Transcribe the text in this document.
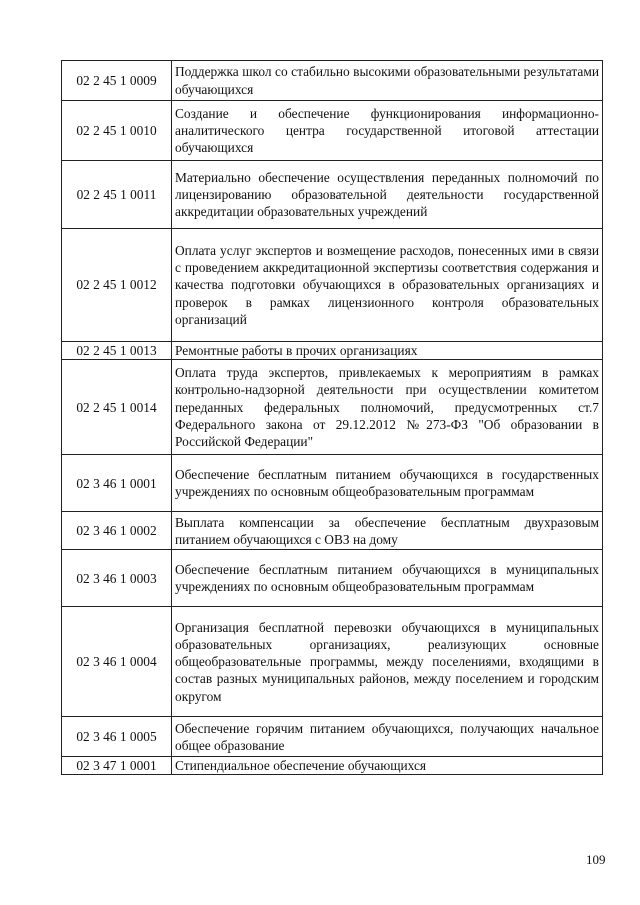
02 2 45 1 0009	Поддержка школ со стабильно высокими образовательными результатами обучающихся
02 2 45 1 0010	Создание и обеспечение функционирования информационно-аналитического центра государственной итоговой аттестации обучающихся
02 2 45 1 0011	Материально обеспечение осуществления переданных полномочий по лицензированию образовательной деятельности государственной аккредитации образовательных учреждений
02 2 45 1 0012	Оплата услуг экспертов и возмещение расходов, понесенных ими в связи с проведением аккредитационной экспертизы соответствия содержания и качества подготовки обучающихся в образовательных организациях и проверок в рамках лицензионного контроля образовательных организаций
02 2 45 1 0013	Ремонтные работы в прочих организациях
02 2 45 1 0014	Оплата труда экспертов, привлекаемых к мероприятиям в рамках контрольно-надзорной деятельности при осуществлении комитетом переданных федеральных полномочий, предусмотренных ст.7 Федерального закона от 29.12.2012 №273-ФЗ "Об образовании в Российской Федерации"
02 3 46 1 0001	Обеспечение бесплатным питанием обучающихся в государственных учреждениях по основным общеобразовательным программам
02 3 46 1 0002	Выплата компенсации за обеспечение бесплатным двухразовым питанием обучающихся с ОВЗ на дому
02 3 46 1 0003	Обеспечение бесплатным питанием обучающихся в муниципальных учреждениях по основным общеобразовательным программам
02 3 46 1 0004	Организация бесплатной перевозки обучающихся в муниципальных образовательных организациях, реализующих основные общеобразовательные программы, между поселениями, входящими в состав разных муниципальных районов, между поселением и городским округом
02 3 46 1 0005	Обеспечение горячим питанием обучающихся, получающих начальное общее образование
02 3 47 1 0001	Стипендиальное обеспечение обучающихся
109
